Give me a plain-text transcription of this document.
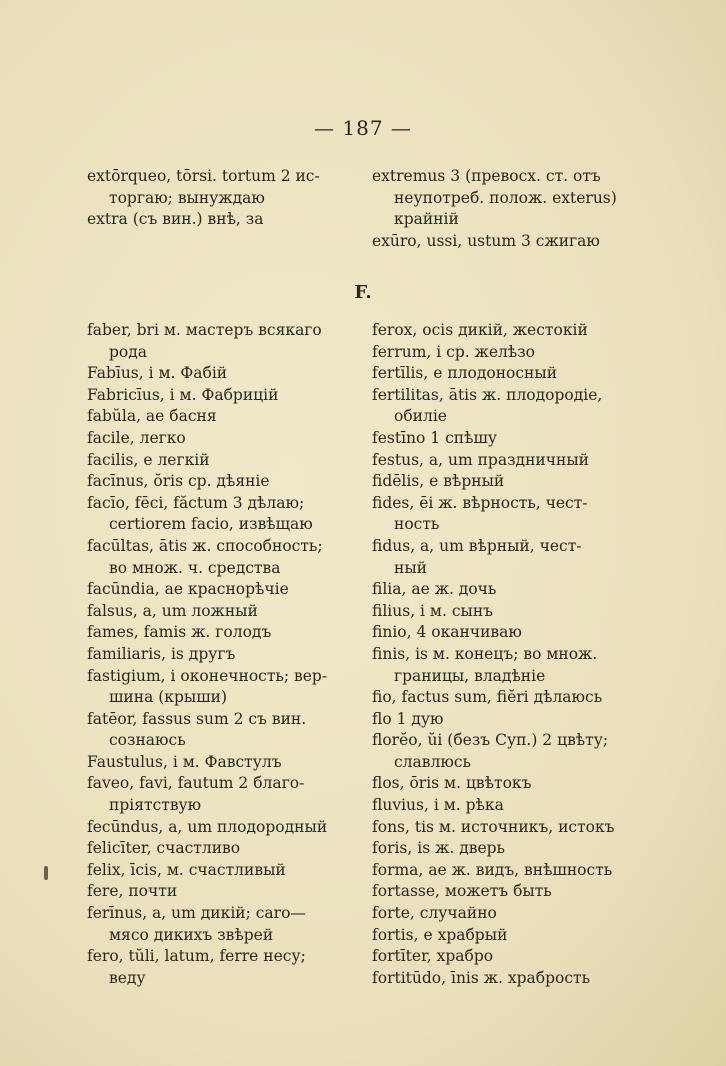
— 187 —
extōrqueo, tōrsi. tortum 2 ис-
торгаю; вынуждаю
extra (съ вин.) внѣ, за
extremus 3 (превосх. ст. отъ
неупотреб. полож. exterus)
крайнiй
exūro, ussi, ustum 3 сжигаю
F.
faber, bri м. мастеръ всякаго
рода
Fabīus, i м. Фабiй
Fabricīus, i м. Фабрицiй
fabŭla, ae басня
facile, легко
facilis, e легкiй
facīnus, ŏris ср. дѣянiе
facīo, fēci, făctum 3 дѣлаю;
certiorem facio, извѣщаю
facūltas, ātis ж. способность;
во множ. ч. средства
facūndia, ae краснорѣчiе
falsus, a, um ложный
fames, famis ж. голодъ
familiaris, is другъ
fastigium, i оконечность; вер-
шина (крыши)
fatēor, fassus sum 2 съ вин.
сознаюсь
Faustulus, i м. Фавстулъ
faveo, favi, fautum 2 благо-
прiятствую
fecūndus, a, um плодородный
felicīter, счастливо
felix, īcis, м. счастливый
fere, почти
ferīnus, a, um дикiй; caro—
мясо дикихъ звѣрей
fero, tŭli, latum, ferre несу;
веду
ferox, ocis дикiй, жестокiй
ferrum, i ср. желѣзо
fertīlis, e плодоносный
fertilitas, ātis ж. плодородiе,
обилiе
festīno 1 спѣшу
festus, a, um праздничный
fidēlis, e вѣрный
fides, ēi ж. вѣрность, чест-
ность
fidus, a, um вѣрный, чест-
ный
filia, ae ж. дочь
filius, i м. сынъ
finio, 4 оканчиваю
finis, is м. конецъ; во множ.
границы, владѣнiе
fio, factus sum, fiĕri дѣлаюсь
flo 1 дую
florĕo, ŭi (безъ Суп.) 2 цвѣту;
славлюсь
flos, ōris м. цвѣтокъ
fluvius, i м. рѣка
fons, tis м. источникъ, истокъ
foris, is ж. дверь
forma, ae ж. видъ, внѣшность
fortasse, можетъ быть
forte, случайно
fortis, e храбрый
fortīter, храбро
fortitūdo, īnis ж. храбрость
